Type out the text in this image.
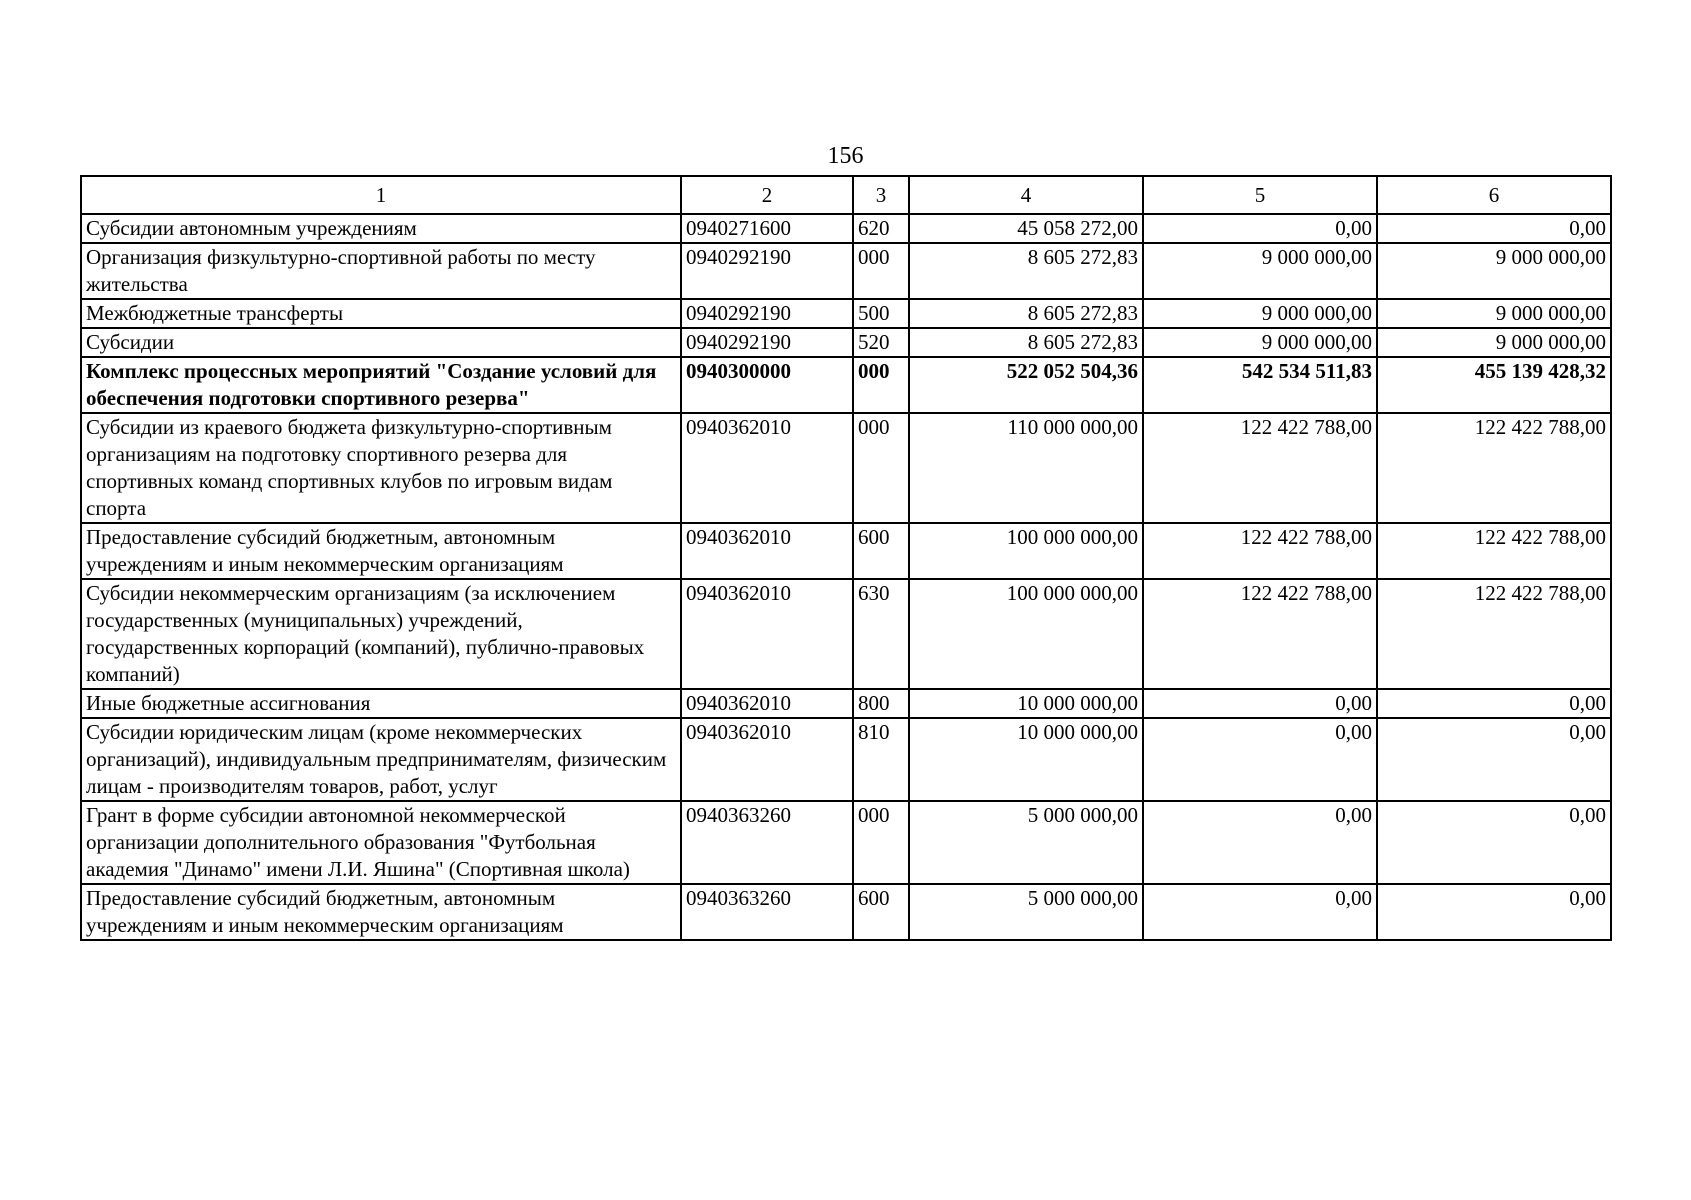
156
1	2	3	4	5	6
Субсидии автономным учреждениям	0940271600	620	45 058 272,00	0,00	0,00
Организация физкультурно-спортивной работы по месту жительства	0940292190	000	8 605 272,83	9 000 000,00	9 000 000,00
Межбюджетные трансферты	0940292190	500	8 605 272,83	9 000 000,00	9 000 000,00
Субсидии	0940292190	520	8 605 272,83	9 000 000,00	9 000 000,00
Комплекс процессных мероприятий "Создание условий для обеспечения подготовки спортивного резерва"	0940300000	000	522 052 504,36	542 534 511,83	455 139 428,32
Субсидии из краевого бюджета физкультурно-спортивным организациям на подготовку спортивного резерва для спортивных команд спортивных клубов по игровым видам спорта	0940362010	000	110 000 000,00	122 422 788,00	122 422 788,00
Предоставление субсидий бюджетным, автономным учреждениям и иным некоммерческим организациям	0940362010	600	100 000 000,00	122 422 788,00	122 422 788,00
Субсидии некоммерческим организациям (за исключением государственных (муниципальных) учреждений, государственных корпораций (компаний), публично-правовых компаний)	0940362010	630	100 000 000,00	122 422 788,00	122 422 788,00
Иные бюджетные ассигнования	0940362010	800	10 000 000,00	0,00	0,00
Субсидии юридическим лицам (кроме некоммерческих организаций), индивидуальным предпринимателям, физическим лицам - производителям товаров, работ, услуг	0940362010	810	10 000 000,00	0,00	0,00
Грант в форме субсидии автономной некоммерческой организации дополнительного образования "Футбольная академия "Динамо" имени Л.И. Яшина" (Спортивная школа)	0940363260	000	5 000 000,00	0,00	0,00
Предоставление субсидий бюджетным, автономным учреждениям и иным некоммерческим организациям	0940363260	600	5 000 000,00	0,00	0,00
